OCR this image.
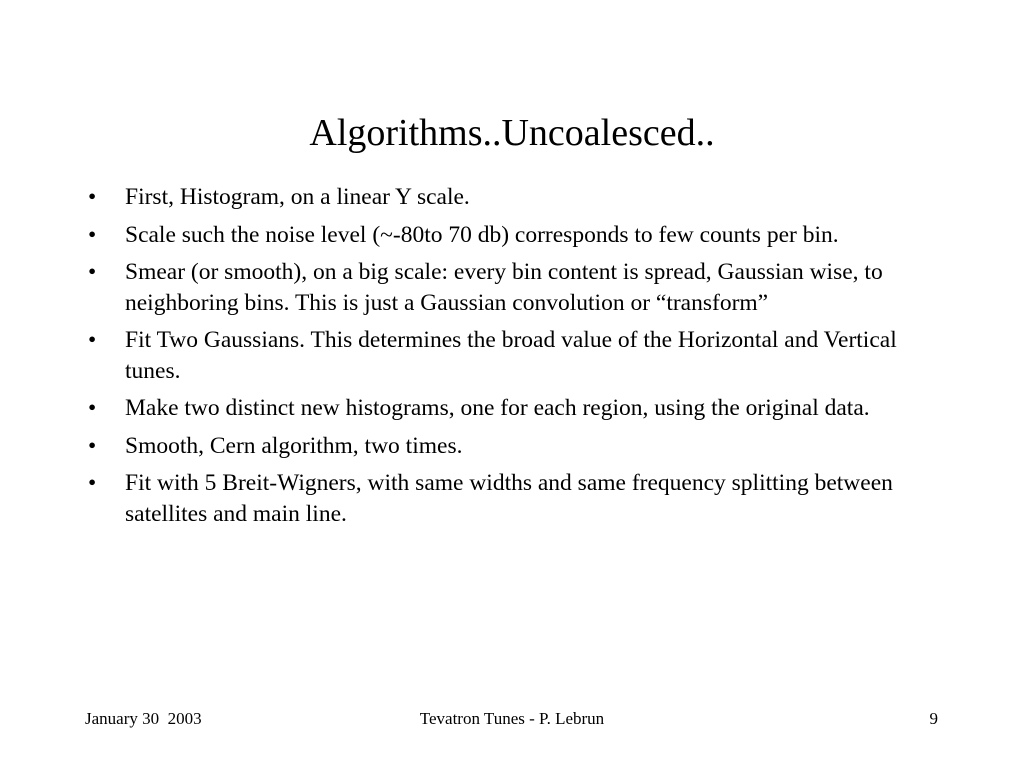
Algorithms..Uncoalesced..
• First, Histogram, on a linear Y scale.
• Scale such the noise level (~-80to 70 db) corresponds to few counts per bin.
• Smear (or smooth), on a big scale: every bin content is spread, Gaussian wise, to neighboring bins. This is just a Gaussian convolution or “transform”
• Fit Two Gaussians. This determines the broad value of the Horizontal and Vertical tunes.
• Make two distinct new histograms, one for each region, using the original data.
• Smooth, Cern algorithm, two times.
• Fit with 5 Breit-Wigners, with same widths and same frequency splitting between satellites and main line.
January 30  2003	Tevatron Tunes - P. Lebrun	9
